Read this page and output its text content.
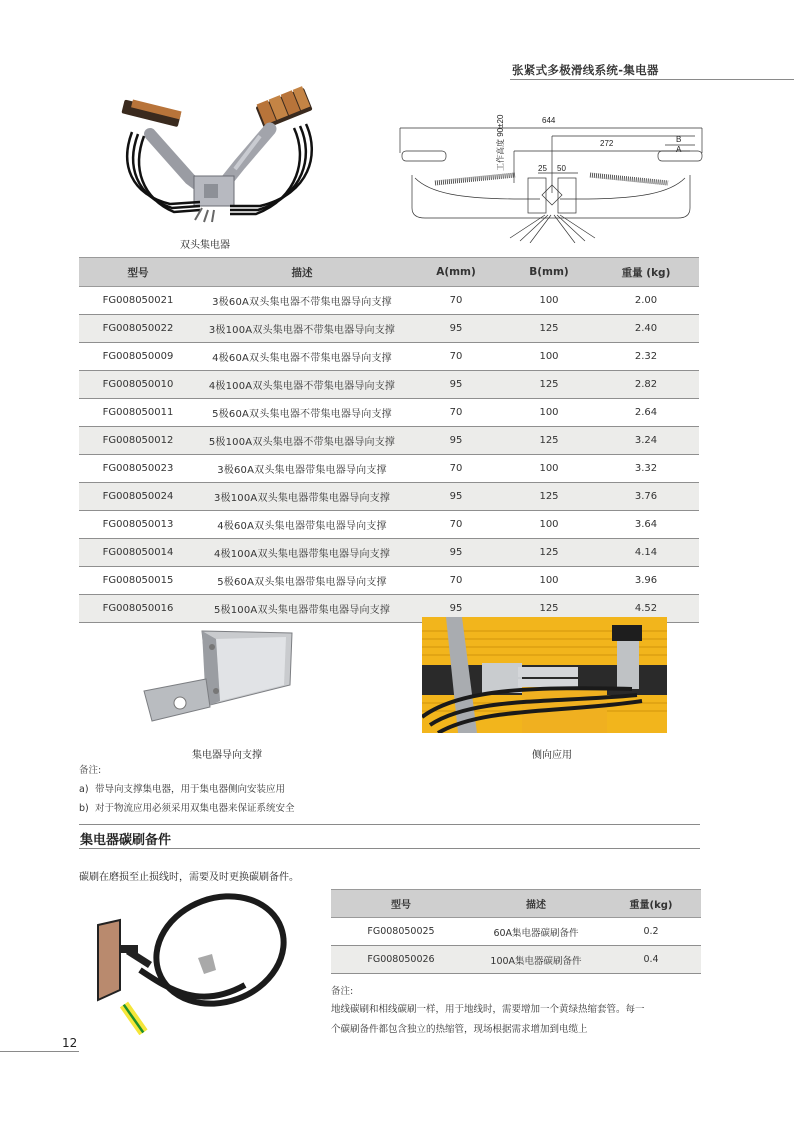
张紧式多极滑线系统-集电器
双头集电器
644
272	B
A
25 50
工作高度 90±20
型号	描述	A(mm)	B(mm)	重量 (kg)
FG008050021	3极60A双头集电器不带集电器导向支撑	70	100	2.00
FG008050022	3极100A双头集电器不带集电器导向支撑	95	125	2.40
FG008050009	4极60A双头集电器不带集电器导向支撑	70	100	2.32
FG008050010	4极100A双头集电器不带集电器导向支撑	95	125	2.82
FG008050011	5极60A双头集电器不带集电器导向支撑	70	100	2.64
FG008050012	5极100A双头集电器不带集电器导向支撑	95	125	3.24
FG008050023	3极60A双头集电器带集电器导向支撑	70	100	3.32
FG008050024	3极100A双头集电器带集电器导向支撑	95	125	3.76
FG008050013	4极60A双头集电器带集电器导向支撑	70	100	3.64
FG008050014	4极100A双头集电器带集电器导向支撑	95	125	4.14
FG008050015	5极60A双头集电器带集电器导向支撑	70	100	3.96
FG008050016	5极100A双头集电器带集电器导向支撑	95	125	4.52
集电器导向支撑	侧向应用
备注:
a) 带导向支撑集电器，用于集电器侧向安装应用
b) 对于物流应用必须采用双集电器来保证系统安全
集电器碳刷备件
碳刷在磨损至止损线时，需要及时更换碳刷备件。
型号	描述	重量(kg)
FG008050025	60A集电器碳刷备件	0.2
FG008050026	100A集电器碳刷备件	0.4
备注:
地线碳刷和相线碳刷一样，用于地线时，需要增加一个黄绿热缩套管。每一
个碳刷备件都包含独立的热缩管，现场根据需求增加到电缆上
12
